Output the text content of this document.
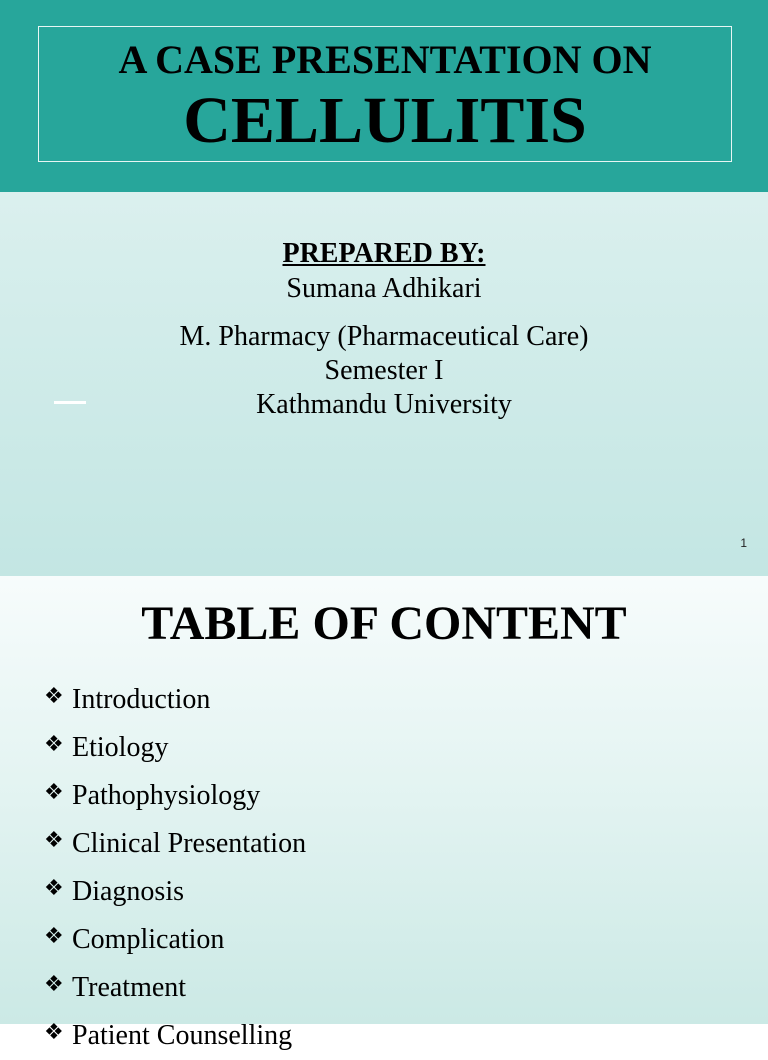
A CASE PRESENTATION ON
CELLULITIS
PREPARED BY:
Sumana Adhikari
M. Pharmacy (Pharmaceutical Care)
Semester I
Kathmandu University
1
TABLE OF CONTENT
❖ Introduction
❖ Etiology
❖ Pathophysiology
❖ Clinical Presentation
❖ Diagnosis
❖ Complication
❖ Treatment
❖ Patient Counselling
